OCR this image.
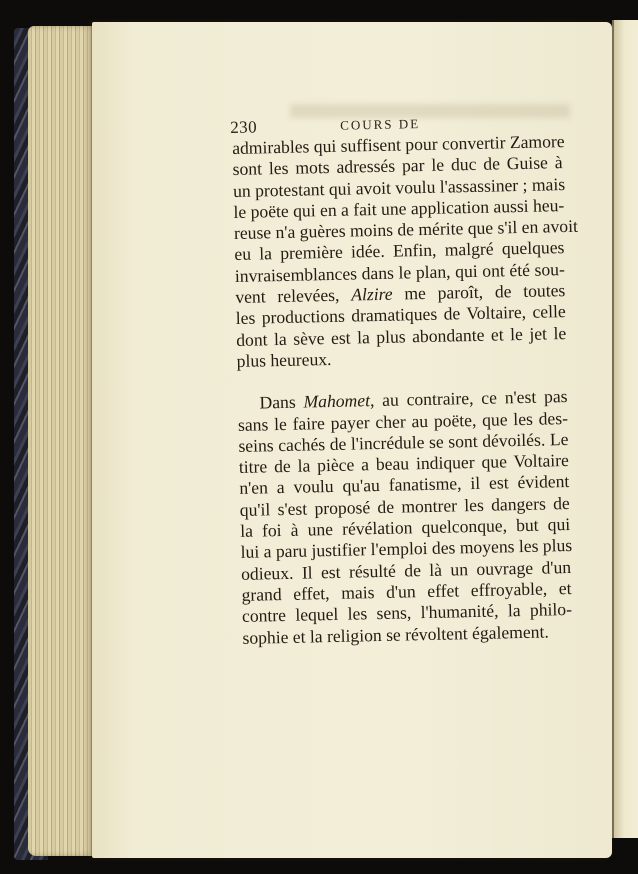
230	COURS DE
admirables qui suffisent pour convertir Zamore
sont les mots adressés par le duc de Guise à
un protestant qui avoit voulu l'assassiner ; mais
le poëte qui en a fait une application aussi heu-
reuse n'a guères moins de mérite que s'il en avoit
eu la première idée. Enfin, malgré quelques
invraisemblances dans le plan, qui ont été sou-
vent relevées, Alzire me paroît, de toutes
les productions dramatiques de Voltaire, celle
dont la sève est la plus abondante et le jet le
plus heureux.
Dans Mahomet, au contraire, ce n'est pas
sans le faire payer cher au poëte, que les des-
seins cachés de l'incrédule se sont dévoilés. Le
titre de la pièce a beau indiquer que Voltaire
n'en a voulu qu'au fanatisme, il est évident
qu'il s'est proposé de montrer les dangers de
la foi à une révélation quelconque, but qui
lui a paru justifier l'emploi des moyens les plus
odieux. Il est résulté de là un ouvrage d'un
grand effet, mais d'un effet effroyable, et
contre lequel les sens, l'humanité, la philo-
sophie et la religion se révoltent également.
